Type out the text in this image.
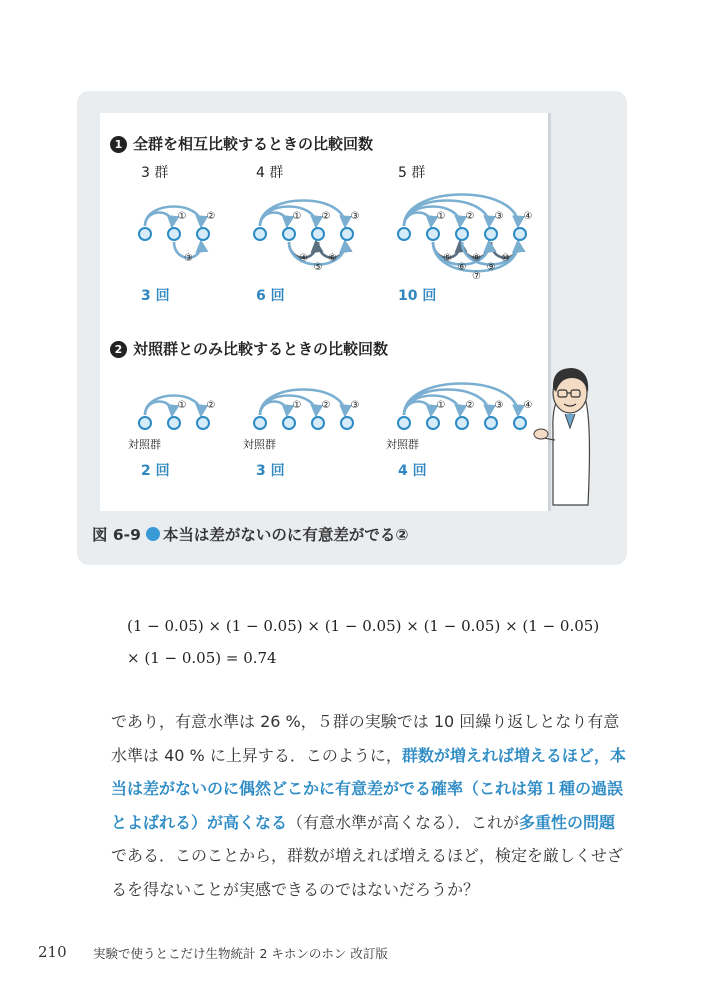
① ②
③
① ② ③
④ ⑥
⑤
① ② ③ ④
⑤ ⑧ ⑩
⑥ ⑨
⑦
① ②	① ② ③	① ② ③ ④
1 全群を相互比較するときの比較回数
2 対照群とのみ比較するときの比較回数
3 群	4 群	5 群
3 回	6 回	10 回
対照群	対照群	対照群
2 回	3 回	4 回
図 6-9 本当は差がないのに有意差がでる②
(1 − 0.05) × (1 − 0.05) × (1 − 0.05) × (1 − 0.05) × (1 − 0.05)
× (1 − 0.05) = 0.74
であり，有意水準は 26 %，５群の実験では 10 回繰り返しとなり有意水準は 40 % に上昇する．このように，群数が増えれば増えるほど，本当は差がないのに偶然どこかに有意差がでる確率（これは第１種の過誤とよばれる）が高くなる（有意水準が高くなる）．これが多重性の問題である．このことから，群数が増えれば増えるほど，検定を厳しくせざるを得ないことが実感できるのではないだろうか？
210 実験で使うとこだけ生物統計 2 キホンのホン 改訂版
